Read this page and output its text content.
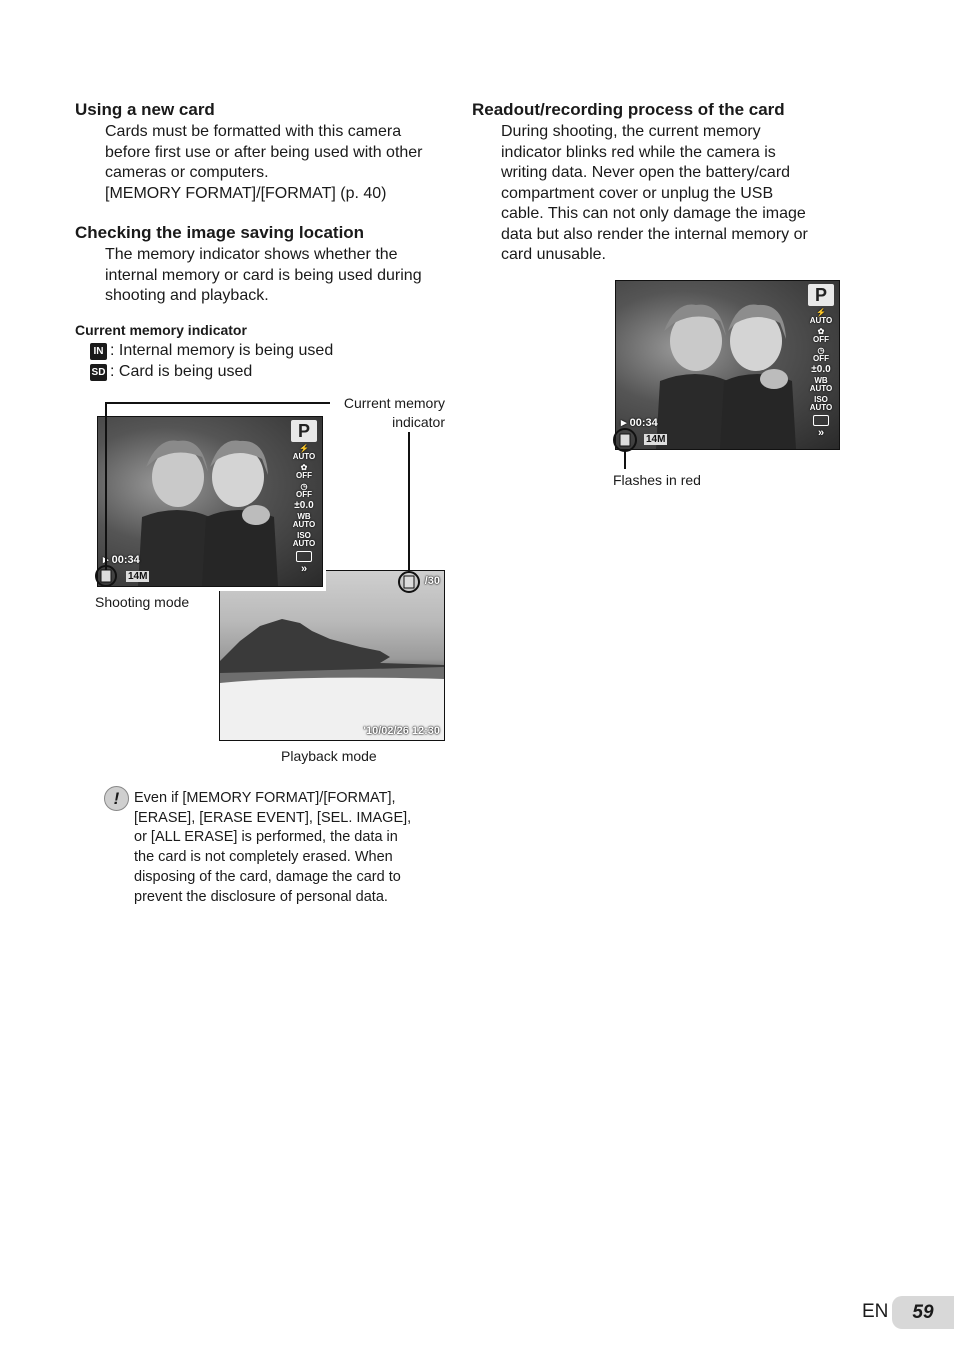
Using a new card
Cards must be formatted with this camera
before first use or after being used with other
cameras or computers.
[MEMORY FORMAT]/[FORMAT] (p. 40)
Checking the image saving location
The memory indicator shows whether the
internal memory or card is being used during
shooting and playback.
Current memory indicator
IN : Internal memory is being used
SD : Card is being used
Current memory
indicator
/30
'10/02/26 12:30
P
⚡
AUTO
✿
OFF
◷
OFF
±0.0
WB
AUTO
ISO
AUTO
»
▸ 00:34
14M
Shooting mode
Playback mode
!	Even if [MEMORY FORMAT]/[FORMAT],
[ERASE], [ERASE EVENT], [SEL. IMAGE],
or [ALL ERASE] is performed, the data in
the card is not completely erased. When
disposing of the card, damage the card to
prevent the disclosure of personal data.
Readout/recording process of the card
During shooting, the current memory
indicator blinks red while the camera is
writing data. Never open the battery/card
compartment cover or unplug the USB
cable. This can not only damage the image
data but also render the internal memory or
card unusable.
P
⚡
AUTO
✿
OFF
◷
OFF
±0.0
WB
AUTO
ISO
AUTO
»
▸ 00:34
14M
Flashes in red
EN	59
